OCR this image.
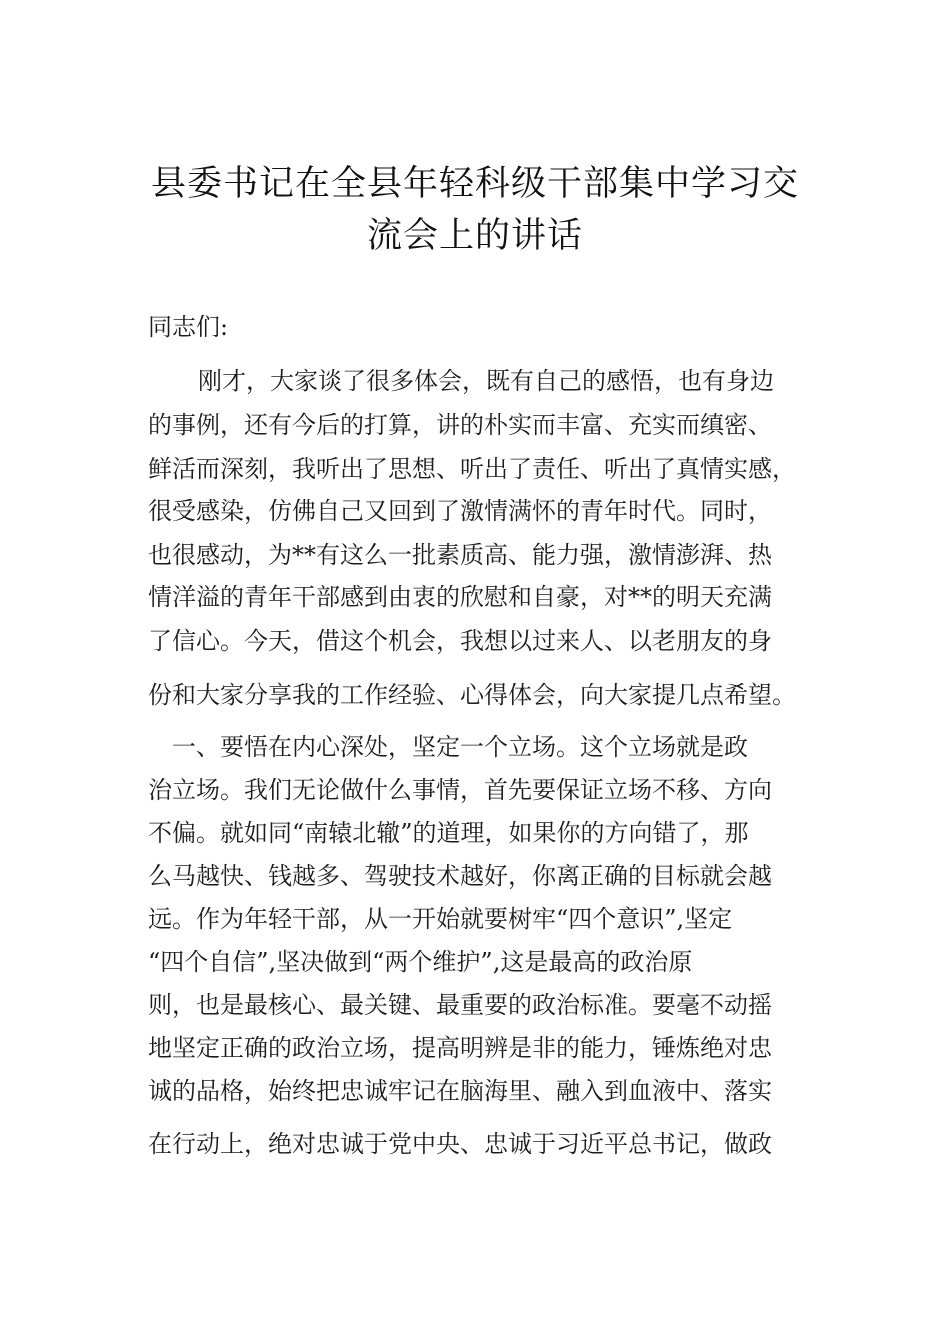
县委书记在全县年轻科级干部集中学习交
流会上的讲话
同志们:
刚才，大家谈了很多体会，既有自己的感悟，也有身边
的事例，还有今后的打算，讲的朴实而丰富、充实而缜密、
鲜活而深刻，我听出了思想、听出了责任、听出了真情实感，
很受感染，仿佛自己又回到了激情满怀的青年时代。同时，
也很感动，为**有这么一批素质高、能力强，激情澎湃、热
情洋溢的青年干部感到由衷的欣慰和自豪，对**的明天充满
了信心。今天，借这个机会，我想以过来人、以老朋友的身
份和大家分享我的工作经验、心得体会，向大家提几点希望。
一、要悟在内心深处，坚定一个立场。这个立场就是政
治立场。我们无论做什么事情，首先要保证立场不移、方向
不偏。就如同“南辕北辙”的道理，如果你的方向错了，那
么马越快、钱越多、驾驶技术越好，你离正确的目标就会越
远。作为年轻干部，从一开始就要树牢“四个意识”,坚定
“四个自信”,坚决做到“两个维护”,这是最高的政治原
则，也是最核心、最关键、最重要的政治标准。要毫不动摇
地坚定正确的政治立场，提高明辨是非的能力，锤炼绝对忠
诚的品格，始终把忠诚牢记在脑海里、融入到血液中、落实
在行动上，绝对忠诚于党中央、忠诚于习近平总书记，做政
